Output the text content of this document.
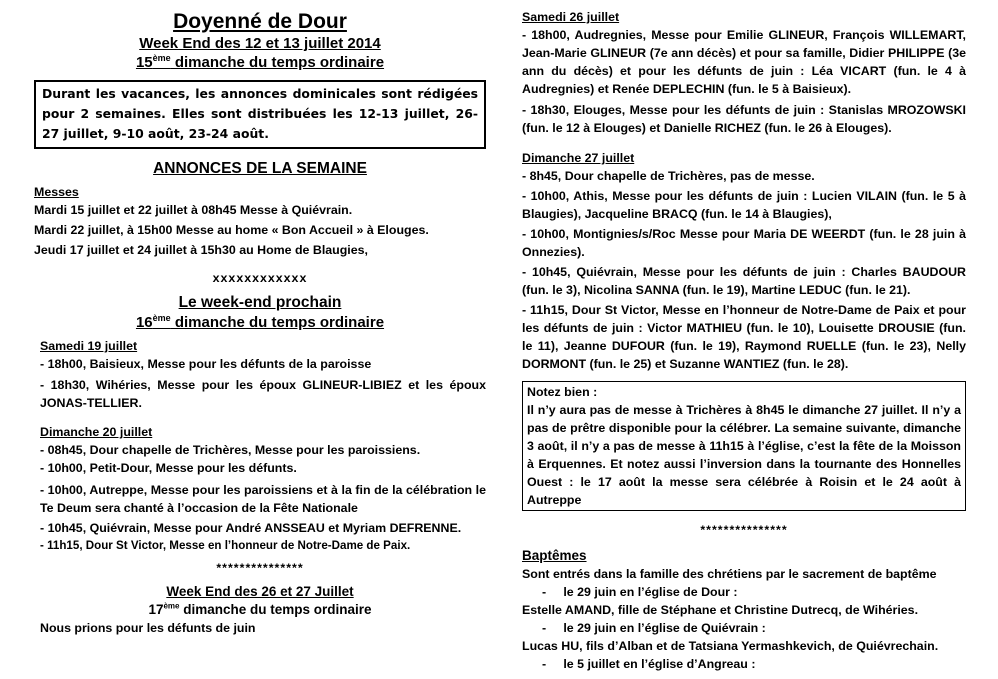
Doyenné de Dour

Week End des 12 et 13 juillet 2014

15ème dimanche du temps ordinaire

Durant les vacances, les annonces dominicales sont rédigées pour 2 semaines. Elles sont distribuées les 12-13 juillet, 26-27 juillet, 9-10 août, 23-24 août.

ANNONCES DE LA SEMAINE

Messes

Mardi 15 juillet et 22 juillet à 08h45 Messe à Quiévrain.

Mardi 22 juillet, à 15h00 Messe au home « Bon Accueil » à Elouges.

Jeudi 17 juillet et 24 juillet à 15h30 au Home de Blaugies,

xxxxxxxxxxxx

Le week-end prochain

16ème dimanche du temps ordinaire

Samedi 19 juillet

- 18h00, Baisieux, Messe pour les défunts de la paroisse

- 18h30, Wihéries, Messe pour les époux GLINEUR-LIBIEZ et les époux JONAS-TELLIER.

Dimanche 20 juillet

- 08h45, Dour chapelle de Trichères, Messe pour les paroissiens.

- 10h00, Petit-Dour, Messe pour les défunts.

- 10h00, Autreppe, Messe pour les paroissiens et à la fin de la célébration le Te Deum sera chanté à l’occasion de la Fête Nationale

- 10h45, Quiévrain, Messe pour André ANSSEAU et Myriam DEFRENNE.

- 11h15, Dour St Victor, Messe en l’honneur de Notre-Dame de Paix.

***************

Week End des 26 et 27 Juillet

17ème dimanche du temps ordinaire

Nous prions pour les défunts de juin

Samedi 26 juillet

- 18h00, Audregnies, Messe pour Emilie GLINEUR, François WILLEMART, Jean-Marie GLINEUR (7e ann décès) et pour sa famille, Didier PHILIPPE (3e ann du décès) et pour les défunts de juin : Léa VICART (fun. le 4 à Audregnies) et Renée DEPLECHIN (fun. le 5 à Baisieux).

- 18h30, Elouges, Messe pour les défunts de juin : Stanislas MROZOWSKI (fun. le 12 à Elouges) et Danielle RICHEZ (fun. le 26 à Elouges).

Dimanche 27 juillet

- 8h45, Dour chapelle de Trichères, pas de messe.

- 10h00, Athis, Messe pour les défunts de juin : Lucien VILAIN (fun. le 5 à Blaugies), Jacqueline BRACQ (fun. le 14 à Blaugies),

- 10h00, Montignies/s/Roc Messe pour Maria DE WEERDT (fun. le 28 juin à Onnezies).

- 10h45, Quiévrain, Messe pour les défunts de juin : Charles BAUDOUR (fun. le 3), Nicolina SANNA (fun. le 19), Martine LEDUC (fun. le 21).

- 11h15, Dour St Victor, Messe en l’honneur de Notre-Dame de Paix et pour les défunts de juin : Victor MATHIEU (fun. le 10), Louisette DROUSIE (fun. le 11), Jeanne DUFOUR (fun. le 19), Raymond RUELLE (fun. le 23), Nelly DORMONT (fun. le 25) et Suzanne WANTIEZ (fun. le 28).

Notez bien :

Il n’y aura pas de messe à Trichères à 8h45 le dimanche 27 juillet. Il n’y a pas de prêtre disponible pour la célébrer. La semaine suivante, dimanche 3 août, il n’y a pas de messe à 11h15 à l’église, c’est la fête de la Moisson à Erquennes. Et notez aussi l’inversion dans la tournante des Honnelles Ouest : le 17 août la messe sera célébrée à Roisin et le 24 août à Autreppe

***************

Baptêmes

Sont entrés dans la famille des chrétiens par le sacrement de baptême

-     le 29 juin en l’église de Dour :

Estelle AMAND, fille de Stéphane et Christine Dutrecq, de Wihéries.

-     le 29 juin en l’église de Quiévrain :

Lucas HU, fils d’Alban et de Tatsiana Yermashkevich, de Quiévrechain.

-     le 5 juillet en l’église d’Angreau :
